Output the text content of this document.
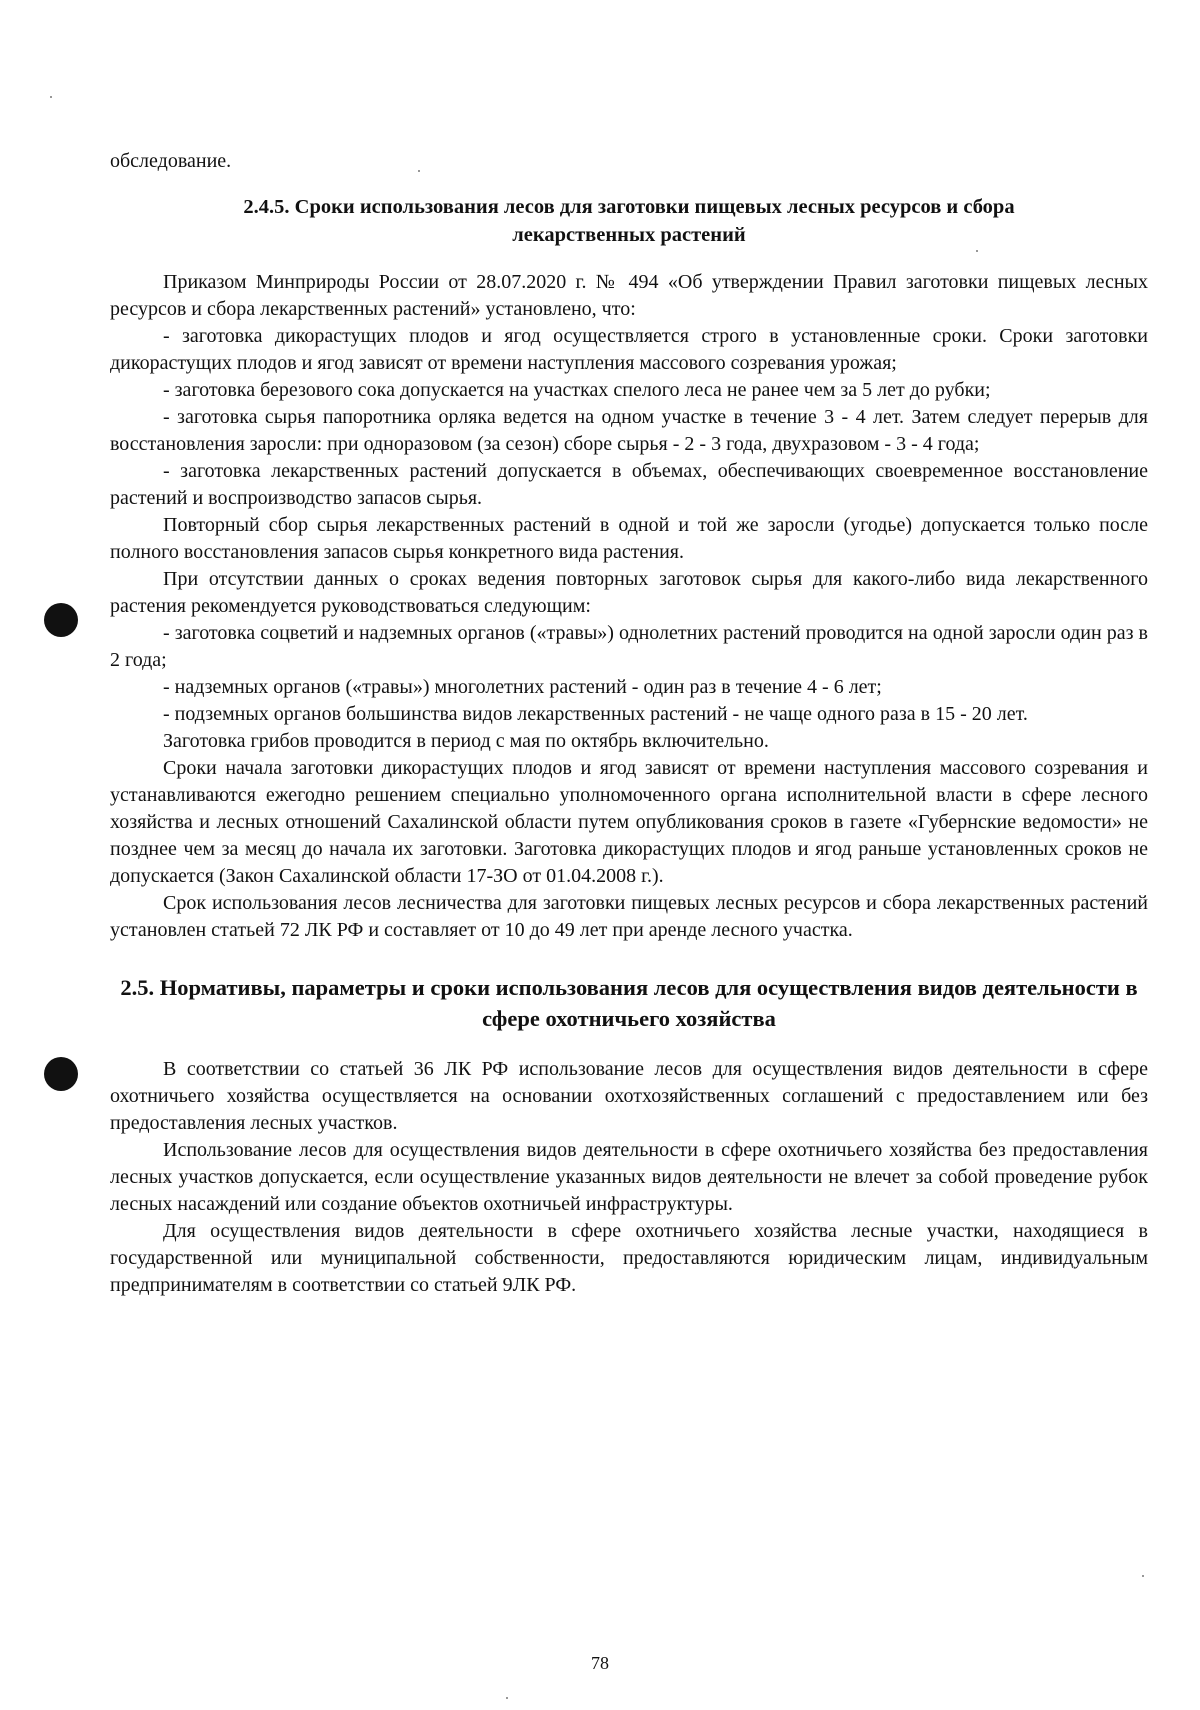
обследование.

2.4.5. Сроки использования лесов для заготовки пищевых лесных ресурсов и сбора лекарственных растений

Приказом Минприроды России от 28.07.2020 г. № 494 «Об утверждении Правил заготовки пищевых лесных ресурсов и сбора лекарственных растений» установлено, что:

- заготовка дикорастущих плодов и ягод осуществляется строго в установленные сроки. Сроки заготовки дикорастущих плодов и ягод зависят от времени наступления массового созревания урожая;

- заготовка березового сока допускается на участках спелого леса не ранее чем за 5 лет до рубки;

- заготовка сырья папоротника орляка ведется на одном участке в течение 3 - 4 лет. Затем следует перерыв для восстановления заросли: при одноразовом (за сезон) сборе сырья - 2 - 3 года, двухразовом - 3 - 4 года;

- заготовка лекарственных растений допускается в объемах, обеспечивающих своевременное восстановление растений и воспроизводство запасов сырья.

Повторный сбор сырья лекарственных растений в одной и той же заросли (угодье) допускается только после полного восстановления запасов сырья конкретного вида растения.

При отсутствии данных о сроках ведения повторных заготовок сырья для какого-либо вида лекарственного растения рекомендуется руководствоваться следующим:

- заготовка соцветий и надземных органов («травы») однолетних растений проводится на одной заросли один раз в 2 года;

- надземных органов («травы») многолетних растений - один раз в течение 4 - 6 лет;

- подземных органов большинства видов лекарственных растений - не чаще одного раза в 15 - 20 лет.

Заготовка грибов проводится в период с мая по октябрь включительно.

Сроки начала заготовки дикорастущих плодов и ягод зависят от времени наступления массового созревания и устанавливаются ежегодно решением специально уполномоченного органа исполнительной власти в сфере лесного хозяйства и лесных отношений Сахалинской области путем опубликования сроков в газете «Губернские ведомости» не позднее чем за месяц до начала их заготовки. Заготовка дикорастущих плодов и ягод раньше установленных сроков не допускается (Закон Сахалинской области 17-ЗО от 01.04.2008 г.).

Срок использования лесов лесничества для заготовки пищевых лесных ресурсов и сбора лекарственных растений установлен статьей 72 ЛК РФ и составляет от 10 до 49 лет при аренде лесного участка.

2.5. Нормативы, параметры и сроки использования лесов для осуществления видов деятельности в сфере охотничьего хозяйства

В соответствии со статьей 36 ЛК РФ использование лесов для осуществления видов деятельности в сфере охотничьего хозяйства осуществляется на основании охотхозяйственных соглашений с предоставлением или без предоставления лесных участков.

Использование лесов для осуществления видов деятельности в сфере охотничьего хозяйства без предоставления лесных участков допускается, если осуществление указанных видов деятельности не влечет за собой проведение рубок лесных насаждений или создание объектов охотничьей инфраструктуры.

Для осуществления видов деятельности в сфере охотничьего хозяйства лесные участки, находящиеся в государственной или муниципальной собственности, предоставляются юридическим лицам, индивидуальным предпринимателям в соответствии со статьей 9ЛК РФ.

78
